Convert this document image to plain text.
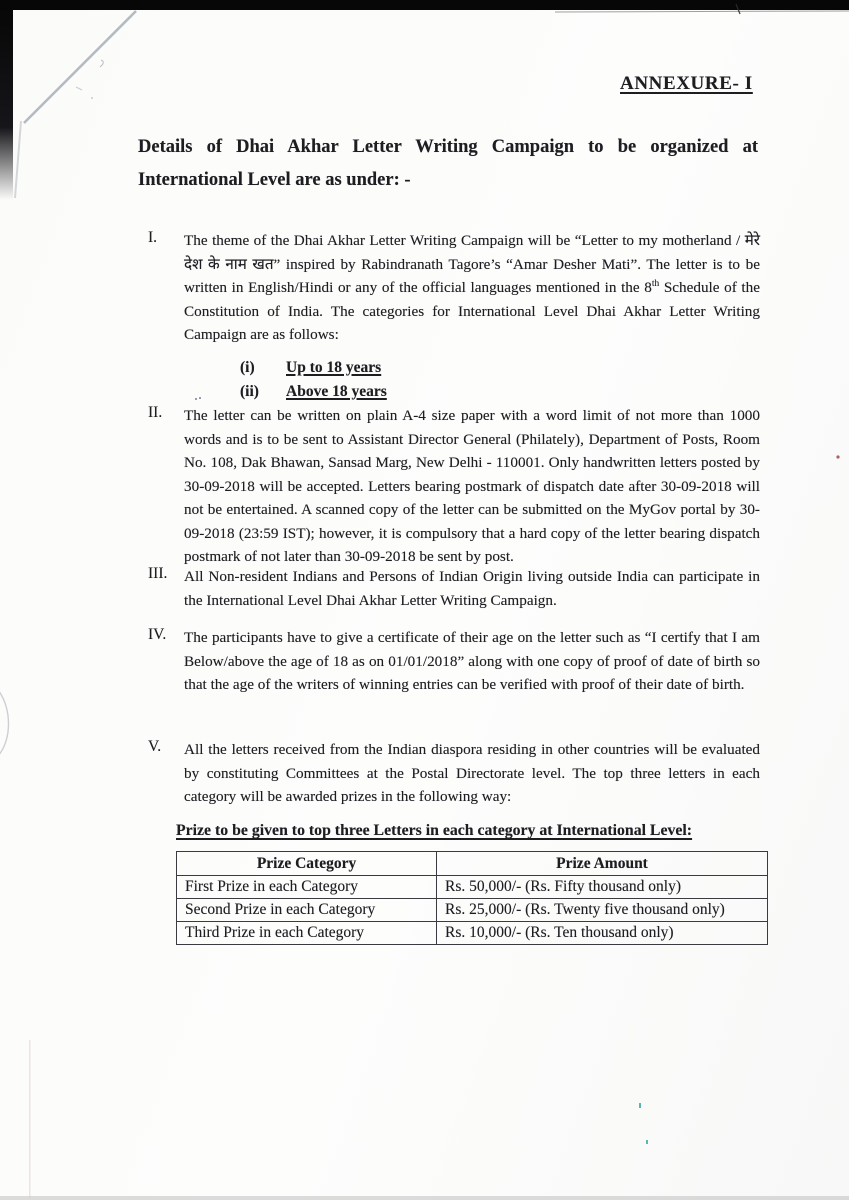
ANNEXURE- I
Details of Dhai Akhar Letter Writing Campaign to be organized at
International Level are as under: -
I.	The theme of the Dhai Akhar Letter Writing Campaign will be “Letter to my motherland / मेरे देश के नाम खत” inspired by Rabindranath Tagore’s “Amar Desher Mati”. The letter is to be written in English/Hindi or any of the official languages mentioned in the 8th Schedule of the Constitution of India. The categories for International Level Dhai Akhar Letter Writing Campaign are as follows:
(i)	Up to 18 years
(ii)	Above 18 years
II.	The letter can be written on plain A-4 size paper with a word limit of not more than 1000 words and is to be sent to Assistant Director General (Philately), Department of Posts, Room No. 108, Dak Bhawan, Sansad Marg, New Delhi - 110001. Only handwritten letters posted by 30-09-2018 will be accepted. Letters bearing postmark of dispatch date after 30-09-2018 will not be entertained. A scanned copy of the letter can be submitted on the MyGov portal by 30-09-2018 (23:59 IST); however, it is compulsory that a hard copy of the letter bearing dispatch postmark of not later than 30-09-2018 be sent by post.
III.	All Non-resident Indians and Persons of Indian Origin living outside India can participate in the International Level Dhai Akhar Letter Writing Campaign.
IV.	The participants have to give a certificate of their age on the letter such as “I certify that I am Below/above the age of 18 as on 01/01/2018” along with one copy of proof of date of birth so that the age of the writers of winning entries can be verified with proof of their date of birth.
V.	All the letters received from the Indian diaspora residing in other countries will be evaluated by constituting Committees at the Postal Directorate level. The top three letters in each category will be awarded prizes in the following way:
Prize to be given to top three Letters in each category at International Level:
Prize Category	Prize Amount
First Prize in each Category	Rs. 50,000/- (Rs. Fifty thousand only)
Second Prize in each Category	Rs. 25,000/- (Rs. Twenty five thousand only)
Third Prize in each Category	Rs. 10,000/- (Rs. Ten thousand only)
